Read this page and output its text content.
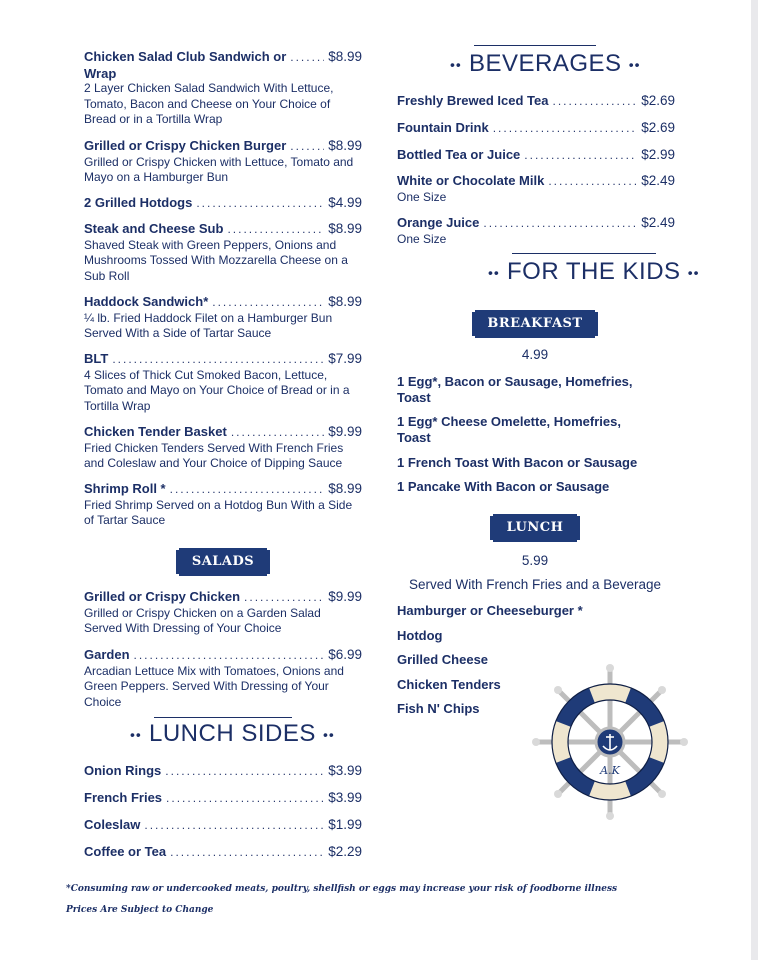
Chicken Salad Club Sandwich or .....	$8.99
Wrap
2 Layer Chicken Salad Sandwich With Lettuce,
Tomato, Bacon and Cheese on Your Choice of
Bread or in a Tortilla Wrap
Grilled or Crispy Chicken Burger .....	$8.99
Grilled or Crispy Chicken with Lettuce, Tomato and
Mayo on a Hamburger Bun
2 Grilled Hotdogs .....	$4.99
Steak and Cheese Sub .....	$8.99
Shaved Steak with Green Peppers, Onions and
Mushrooms Tossed With Mozzarella Cheese on a
Sub Roll
Haddock Sandwich* .....	$8.99
¼ lb. Fried Haddock Filet on a Hamburger Bun
Served With a Side of Tartar Sauce
BLT .....	$7.99
4 Slices of Thick Cut Smoked Bacon, Lettuce,
Tomato and Mayo on Your Choice of Bread or in a
Tortilla Wrap
Chicken Tender Basket .....	$9.99
Fried Chicken Tenders Served With French Fries
and Coleslaw and Your Choice of Dipping Sauce
Shrimp Roll * .....	$8.99
Fried Shrimp Served on a Hotdog Bun With a Side
of Tartar Sauce
SALADS
Grilled or Crispy Chicken .....	$9.99
Grilled or Crispy Chicken on a Garden Salad
Served With Dressing of Your Choice
Garden .....	$6.99
Arcadian Lettuce Mix with Tomatoes, Onions and
Green Peppers. Served With Dressing of Your
Choice
•• LUNCH SIDES ••
Onion Rings .....	$3.99
French Fries .....	$3.99
Coleslaw .....	$1.99
Coffee or Tea .....	$2.29
•• BEVERAGES ••
Freshly Brewed Iced Tea .....	$2.69
Fountain Drink .....	$2.69
Bottled Tea or Juice .....	$2.99
White or Chocolate Milk .....	$2.49
One Size
Orange Juice .....	$2.49
One Size
•• FOR THE KIDS ••
BREAKFAST
4.99
1 Egg*, Bacon or Sausage, Homefries,
Toast
1 Egg* Cheese Omelette, Homefries,
Toast
1 French Toast With Bacon or Sausage
1 Pancake With Bacon or Sausage
LUNCH
5.99
Served With French Fries and a Beverage
Hamburger or Cheeseburger *
Hotdog
Grilled Cheese
Chicken Tenders
Fish N' Chips
A.K
*Consuming raw or undercooked meats, poultry, shellfish or eggs may increase your risk of foodborne illness
Prices Are Subject to Change
